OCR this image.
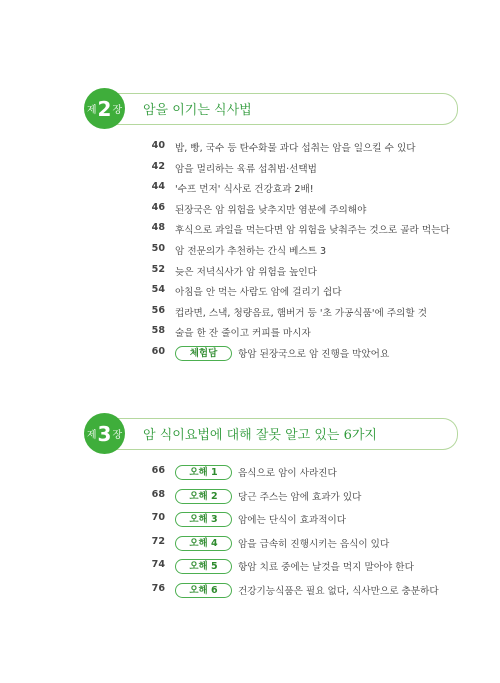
제 2 장 암을 이기는 식사법
40 밥, 빵, 국수 등 탄수화물 과다 섭취는 암을 일으킬 수 있다
42 암을 멀리하는 육류 섭취법·선택법
44 '수프 먼저' 식사로 건강효과 2배!
46 된장국은 암 위험을 낮추지만 염분에 주의해야
48 후식으로 과일을 먹는다면 암 위험을 낮춰주는 것으로 골라 먹는다
50 암 전문의가 추천하는 간식 베스트 3
52 늦은 저녁식사가 암 위험을 높인다
54 아침을 안 먹는 사람도 암에 걸리기 쉽다
56 컵라면, 스낵, 청량음료, 햄버거 등 '초 가공식품'에 주의할 것
58 술을 한 잔 줄이고 커피를 마시자
60	체험담	항암 된장국으로 암 진행을 막았어요
제 3 장 암 식이요법에 대해 잘못 알고 있는 6가지
66	오해 1	음식으로 암이 사라진다
68	오해 2	당근 주스는 암에 효과가 있다
70	오해 3	암에는 단식이 효과적이다
72	오해 4	암을 급속히 진행시키는 음식이 있다
74	오해 5	항암 치료 중에는 날것을 먹지 말아야 한다
76	오해 6	건강기능식품은 필요 없다, 식사만으로 충분하다
